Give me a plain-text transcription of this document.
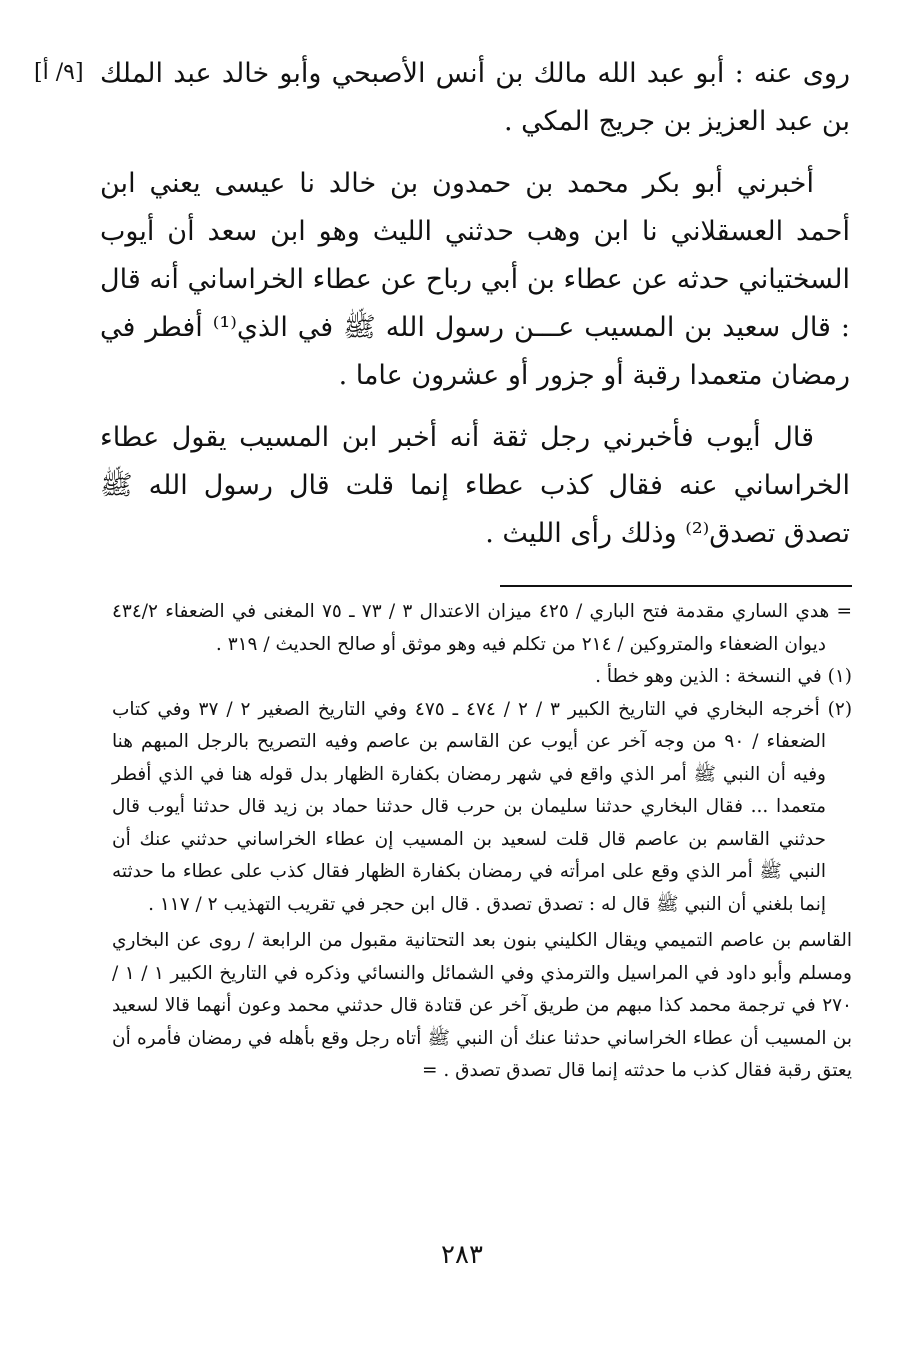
[٩/ أ] روى عنه : أبو عبد الله مالك بن أنس الأصبحي وأبو خالد عبد الملك بن عبد العزيز بن جريج المكي .

أخبرني أبو بكر محمد بن حمدون بن خالد نا عيسى يعني ابن أحمد العسقلاني نا ابن وهب حدثني الليث وهو ابن سعد أن أيوب السختياني حدثه عن عطاء بن أبي رباح عن عطاء الخراساني أنه قال : قال سعيد بن المسيب عـــن رسول الله ﷺ في الذي⁽¹⁾ أفطر في رمضان متعمدا رقبة أو جزور أو عشرون عاما .

قال أيوب فأخبرني رجل ثقة أنه أخبر ابن المسيب يقول عطاء الخراساني عنه فقال كذب عطاء إنما قلت قال رسول الله ﷺ تصدق تصدق⁽²⁾ وذلك رأى الليث .

= هدي الساري مقدمة فتح الباري / ٤٢٥ ميزان الاعتدال ٣ / ٧٣ ـ ٧٥ المغنى في الضعفاء ٤٣٤/٢ ديوان الضعفاء والمتروكين / ٢١٤ من تكلم فيه وهو موثق أو صالح الحديث / ٣١٩ .

(١) في النسخة : الذين وهو خطأ .

(٢) أخرجه البخاري في التاريخ الكبير ٣ / ٢ / ٤٧٤ ـ ٤٧٥ وفي التاريخ الصغير ٢ / ٣٧ وفي كتاب الضعفاء / ٩٠ من وجه آخر عن أيوب عن القاسم بن عاصم وفيه التصريح بالرجل المبهم هنا وفيه أن النبي ﷺ أمر الذي واقع في شهر رمضان بكفارة الظهار بدل قوله هنا في الذي أفطر متعمدا ... فقال البخاري حدثنا سليمان بن حرب قال حدثنا حماد بن زيد قال حدثنا أيوب قال حدثني القاسم بن عاصم قال قلت لسعيد بن المسيب إن عطاء الخراساني حدثني عنك أن النبي ﷺ أمر الذي وقع على امرأته في رمضان بكفارة الظهار فقال كذب على عطاء ما حدثته إنما بلغني أن النبي ﷺ قال له : تصدق تصدق . قال ابن حجر في تقريب التهذيب ٢ / ١١٧ .

القاسم بن عاصم التميمي ويقال الكليني بنون بعد التحتانية مقبول من الرابعة / روى عن البخاري ومسلم وأبو داود في المراسيل والترمذي وفي الشمائل والنسائي وذكره في التاريخ الكبير ١ / ١ / ٢٧٠ في ترجمة محمد كذا مبهم من طريق آخر عن قتادة قال حدثني محمد وعون أنهما قالا لسعيد بن المسيب أن عطاء الخراساني حدثنا عنك أن النبي ﷺ أتاه رجل وقع بأهله في رمضان فأمره أن يعتق رقبة فقال كذب ما حدثته إنما قال تصدق تصدق . =

٢٨٣
